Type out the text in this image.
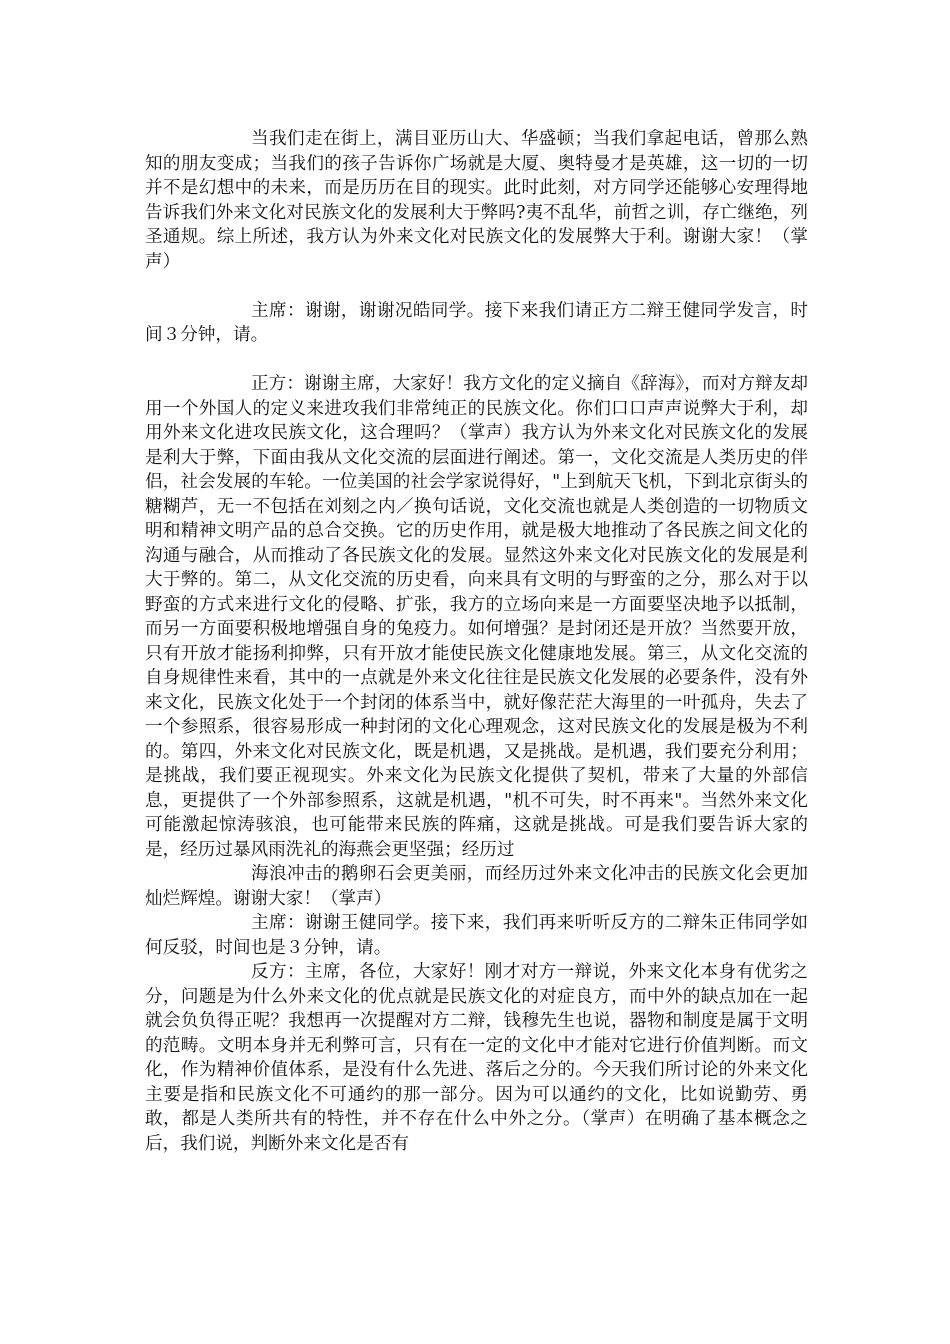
当我们走在街上，满目亚历山大、华盛顿；当我们拿起电话，曾那么熟知的朋友变成；当我们的孩子告诉你广场就是大厦、奥特曼才是英雄，这一切的一切并不是幻想中的未来，而是历历在目的现实。此时此刻，对方同学还能够心安理得地告诉我们外来文化对民族文化的发展利大于弊吗?夷不乱华，前哲之训，存亡继绝，列圣通规。综上所述，我方认为外来文化对民族文化的发展弊大于利。谢谢大家！（掌声）

主席：谢谢，谢谢况皓同学。接下来我们请正方二辩王健同学发言，时间３分钟，请。

正方：谢谢主席，大家好！我方文化的定义摘自《辞海》，而对方辩友却用一个外国人的定义来进攻我们非常纯正的民族文化。你们口口声声说弊大于利，却用外来文化进攻民族文化，这合理吗？（掌声）我方认为外来文化对民族文化的发展是利大于弊，下面由我从文化交流的层面进行阐述。第一，文化交流是人类历史的伴侣，社会发展的车轮。一位美国的社会学家说得好，"上到航天飞机，下到北京街头的糖糊芦，无一不包括在刘刻之内／换句话说，文化交流也就是人类创造的一切物质文明和精神文明产品的总合交换。它的历史作用，就是极大地推动了各民族之间文化的沟通与融合，从而推动了各民族文化的发展。显然这外来文化对民族文化的发展是利大于弊的。第二，从文化交流的历史看，向来具有文明的与野蛮的之分，那么对于以野蛮的方式来进行文化的侵略、扩张，我方的立场向来是一方面要坚决地予以抵制，而另一方面要积极地增强自身的兔疫力。如何增强？是封闭还是开放？当然要开放，只有开放才能扬利抑弊，只有开放才能使民族文化健康地发展。第三，从文化交流的自身规律性来看，其中的一点就是外来文化往往是民族文化发展的必要条件，没有外来文化，民族文化处于一个封闭的体系当中，就好像茫茫大海里的一叶孤舟，失去了一个参照系，很容易形成一种封闭的文化心理观念，这对民族文化的发展是极为不利的。第四，外来文化对民族文化，既是机遇，又是挑战。是机遇，我们要充分利用；是挑战，我们要正视现实。外来文化为民族文化提供了契机，带来了大量的外部信息，更提供了一个外部参照系，这就是机遇，"机不可失，时不再来"。当然外来文化可能激起惊涛骇浪，也可能带来民族的阵痛，这就是挑战。可是我们要告诉大家的是，经历过暴风雨洗礼的海燕会更坚强；经历过

海浪冲击的鹅卵石会更美丽，而经历过外来文化冲击的民族文化会更加灿烂辉煌。谢谢大家！（掌声）

主席：谢谢王健同学。接下来，我们再来听听反方的二辩朱正伟同学如何反驳，时间也是３分钟，请。

反方：主席，各位，大家好！刚才对方一辩说，外来文化本身有优劣之分，问题是为什么外来文化的优点就是民族文化的对症良方，而中外的缺点加在一起就会负负得正呢？我想再一次提醒对方二辩，钱穆先生也说，器物和制度是属于文明的范畴。文明本身并无利弊可言，只有在一定的文化中才能对它进行价值判断。而文化，作为精神价值体系，是没有什么先进、落后之分的。今天我们所讨论的外来文化主要是指和民族文化不可通约的那一部分。因为可以通约的文化，比如说勤劳、勇敢，都是人类所共有的特性，并不存在什么中外之分。（掌声）在明确了基本概念之后，我们说，判断外来文化是否有
